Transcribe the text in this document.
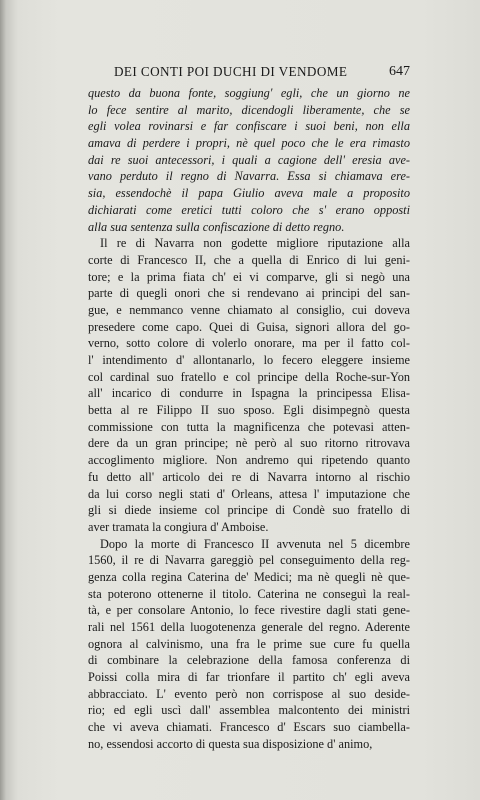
DEI CONTI POI DUCHI DI VENDOME	647
questo da buona fonte, soggiung' egli, che un giorno ne
lo fece sentire al marito, dicendogli liberamente, che se
egli volea rovinarsi e far confiscare i suoi beni, non ella
amava di perdere i propri, nè quel poco che le era rimasto
dai re suoi antecessori, i quali a cagione dell' eresia ave-
vano perduto il regno di Navarra. Essa si chiamava ere-
sia, essendochè il papa Giulio aveva male a proposito
dichiarati come eretici tutti coloro che s' erano opposti
alla sua sentenza sulla confiscazione di detto regno.
Il re di Navarra non godette migliore riputazione alla
corte di Francesco II, che a quella di Enrico di lui geni-
tore; e la prima fiata ch' ei vi comparve, gli si negò una
parte di quegli onori che si rendevano ai principi del san-
gue, e nemmanco venne chiamato al consiglio, cui doveva
presedere come capo. Quei di Guisa, signori allora del go-
verno, sotto colore di volerlo onorare, ma per il fatto col-
l' intendimento d' allontanarlo, lo fecero eleggere insieme
col cardinal suo fratello e col principe della Roche-sur-Yon
all' incarico di condurre in Ispagna la principessa Elisa-
betta al re Filippo II suo sposo. Egli disimpegnò questa
commissione con tutta la magnificenza che potevasi atten-
dere da un gran principe; nè però al suo ritorno ritrovava
accoglimento migliore. Non andremo qui ripetendo quanto
fu detto all' articolo dei re di Navarra intorno al rischio
da lui corso negli stati d' Orleans, attesa l' imputazione che
gli si diede insieme col principe di Condè suo fratello di
aver tramata la congiura d' Amboise.
Dopo la morte di Francesco II avvenuta nel 5 dicembre
1560, il re di Navarra gareggiò pel conseguimento della reg-
genza colla regina Caterina de' Medici; ma nè quegli nè que-
sta poterono ottenerne il titolo. Caterina ne conseguì la real-
tà, e per consolare Antonio, lo fece rivestire dagli stati gene-
rali nel 1561 della luogotenenza generale del regno. Aderente
ognora al calvinismo, una fra le prime sue cure fu quella
di combinare la celebrazione della famosa conferenza di
Poissi colla mira di far trionfare il partito ch' egli aveva
abbracciato. L' evento però non corrispose al suo deside-
rio; ed egli uscì dall' assemblea malcontento dei ministri
che vi aveva chiamati. Francesco d' Escars suo ciambella-
no, essendosi accorto di questa sua disposizione d' animo,
